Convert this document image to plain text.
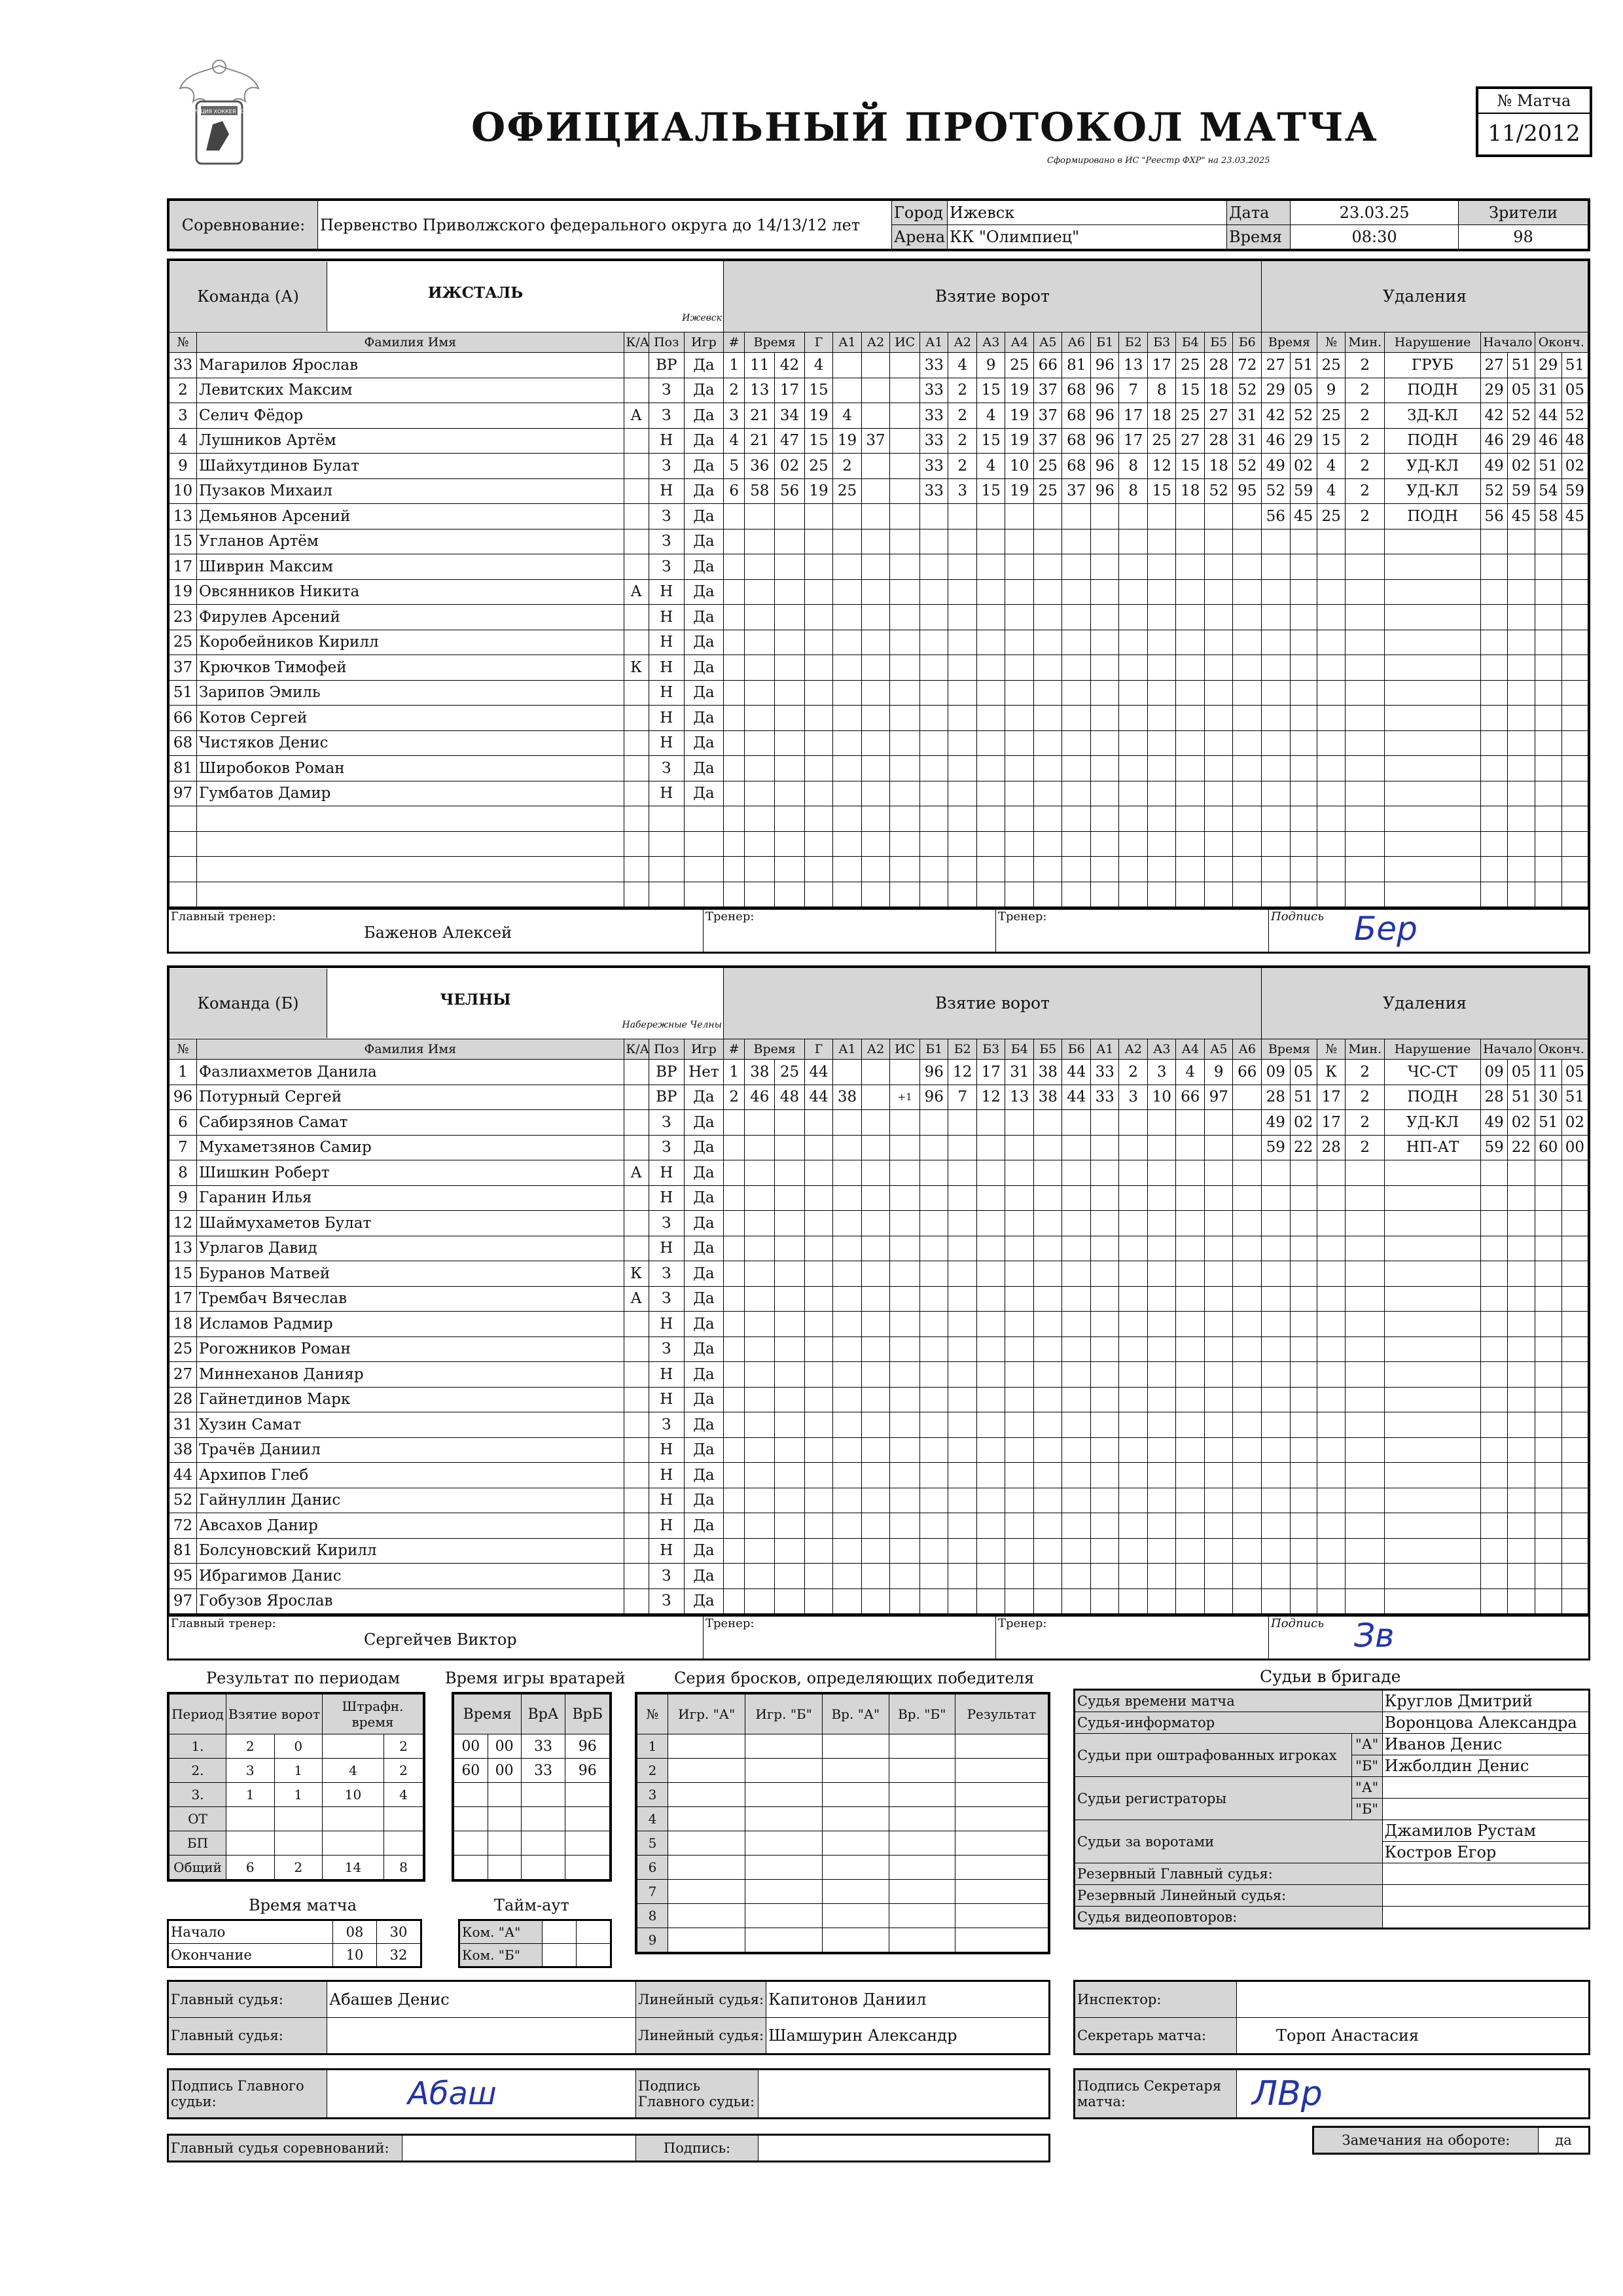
ФЕДЕРАЦИЯ ХОККЕЯ РОССИИ	ОФИЦИАЛЬНЫЙ ПРОТОКОЛ МАТЧА
Сформировано в ИС "Реестр ФХР" на 23.03.2025
№ Матча
11/2012
Соревнование:	Первенство Приволжского федерального округа до 14/13/12 лет	Город	Ижевск	Дата	23.03.25	Зрители
		Арена	КК "Олимпиец"	Время	08:30	98
Команда (А) ИЖСТАЛЬ
Ижевск					Взятие ворот																			Удаления								
№	Фамилия Имя	К/А	Поз	Игр	#	Время		Г	А1	А2	ИС	А1	А2	А3	А4	А5	А6	Б1	Б2	Б3	Б4	Б5	Б6	Время		№	Мин.	Нарушение	Начало		Оконч.	
33	Магарилов Ярослав		ВР	Да	1	11	42	4				33	4	9	25	66	81	96	13	17	25	28	72	27	51	25	2	ГРУБ	27	51	29	51
2	Левитских Максим		З	Да	2	13	17	15				33	2	15	19	37	68	96	7	8	15	18	52	29	05	9	2	ПОДН	29	05	31	05
3	Селич Фёдор	А	З	Да	3	21	34	19	4			33	2	4	19	37	68	96	17	18	25	27	31	42	52	25	2	ЗД-КЛ	42	52	44	52
4	Лушников Артём		Н	Да	4	21	47	15	19	37		33	2	15	19	37	68	96	17	25	27	28	31	46	29	15	2	ПОДН	46	29	46	48
9	Шайхутдинов Булат		З	Да	5	36	02	25	2			33	2	4	10	25	68	96	8	12	15	18	52	49	02	4	2	УД-КЛ	49	02	51	02
10	Пузаков Михаил		Н	Да	6	58	56	19	25			33	3	15	19	25	37	96	8	15	18	52	95	52	59	4	2	УД-КЛ	52	59	54	59
13	Демьянов Арсений		З	Да																				56	45	25	2	ПОДН	56	45	58	45
15	Угланов Артём		З	Да																												
17	Шиврин Максим		З	Да																												
19	Овсянников Никита	А	Н	Да																												
23	Фирулев Арсений		Н	Да																												
25	Коробейников Кирилл		Н	Да																												
37	Крючков Тимофей	К	Н	Да																												
51	Зарипов Эмиль		Н	Да																												
66	Котов Сергей		Н	Да																												
68	Чистяков Денис		Н	Да																												
81	Широбоков Роман		З	Да																												
97	Гумбатов Дамир		Н	Да																												

Главный тренер:
Баженов Алексей
	Тренер:	Тренер:	Подпись Бер
Команда (Б) ЧЕЛНЫ
Набережные Челны					Взятие ворот																			Удаления								
№	Фамилия Имя	К/А	Поз	Игр	#	Время		Г	А1	А2	ИС	Б1	Б2	Б3	Б4	Б5	Б6	А1	А2	А3	А4	А5	А6	Время		№	Мин.	Нарушение	Начало		Оконч.	
1	Фазлиахметов Данила		ВР	Нет	1	38	25	44				96	12	17	31	38	44	33	2	3	4	9	66	09	05	К	2	ЧС-СТ	09	05	11	05
96	Потурный Сергей		ВР	Да	2	46	48	44	38		+1	96	7	12	13	38	44	33	3	10	66	97		28	51	17	2	ПОДН	28	51	30	51
6	Сабирзянов Самат		З	Да																				49	02	17	2	УД-КЛ	49	02	51	02
7	Мухаметзянов Самир		З	Да																				59	22	28	2	НП-АТ	59	22	60	00
8	Шишкин Роберт	А	Н	Да																												
9	Гаранин Илья		Н	Да																												
12	Шаймухаметов Булат		З	Да																												
13	Урлагов Давид		Н	Да																												
15	Буранов Матвей	К	З	Да																												
17	Трембач Вячеслав	А	З	Да																												
18	Исламов Радмир		Н	Да																												
25	Рогожников Роман		З	Да																												
27	Миннеханов Данияр		Н	Да																												
28	Гайнетдинов Марк		Н	Да																												
31	Хузин Самат		З	Да																												
38	Трачёв Даниил		Н	Да																												
44	Архипов Глеб		Н	Да																												
52	Гайнуллин Данис		Н	Да																												
72	Авсахов Данир		Н	Да																												
81	Болсуновский Кирилл		Н	Да																												
95	Ибрагимов Данис		З	Да																												
97	Гобузов Ярослав		З	Да																												
Главный тренер:
Сергейчев Виктор
	Тренер:	Тренер:	Подпись Зв
Результат по периодам
Период	Взятие ворот		Штрафн. время	
1.	2	0		2
2.	3	1	4	2
3.	1	1	10	4
ОТ				
БП				
Общий	6	2	14	8
Время игры вратарей
Время		ВрА	ВрБ
00	00	33	96
60	00	33	96

Серия бросков, определяющих победителя
№	Игр. "А"	Игр. "Б"	Вр. "А"	Вр. "Б"	Результат
1					
2					
3					
4					
5					
6					
7					
8					
9					
Время матча
Начало	08	30
Окончание	10	32
Тайм-аут
Ком. "А"		
Ком. "Б"		
Судьи в бригаде
Судья времени матча		Круглов Дмитрий
Судья-информатор		Воронцова Александра
Судьи при оштрафованных игроках	"А"	Иванов Денис
	"Б"	Ижболдин Денис
Судьи регистраторы	"А"	
	"Б"	
Судьи за воротами		Джамилов Рустам
		Костров Егор
Резервный Главный судья:		
Резервный Линейный судья:		
Судья видеоповторов:		
Главный судья:	Абашев Денис	Линейный судья:	Капитонов Даниил
Главный судья:		Линейный судья:	Шамшурин Александр
Инспектор:	
Секретарь матча:	Тороп Анастасия
Подпись Главного судьи:	Абаш	Подпись Главного судьи:	
Подпись Секретаря матча:	ЛВр
Главный судья соревнований:		Подпись:		Замечания на обороте:	да
